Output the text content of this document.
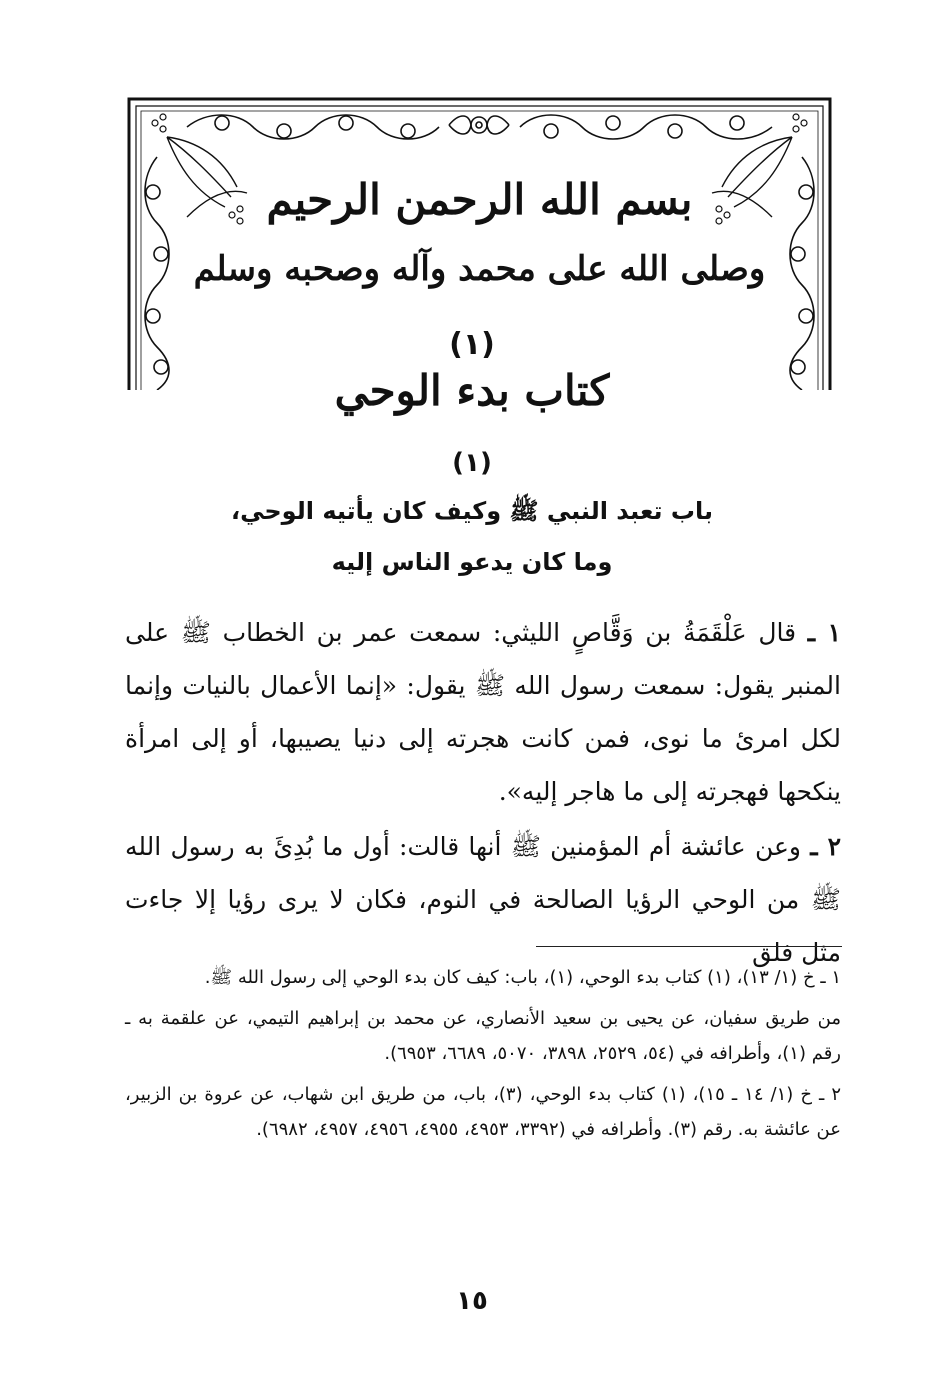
بسم الله الرحمن الرحيم
وصلى الله على محمد وآله وصحبه وسلم
(١)
كتاب بدء الوحي
(١)
باب تعبد النبي ﷺ وكيف كان يأتيه الوحي،
وما كان يدعو الناس إليه

١ ـ قال عَلْقَمَةُ بن وَقَّاصٍ الليثي: سمعت عمر بن الخطاب ﷺ على المنبر يقول: سمعت رسول الله ﷺ يقول: «إنما الأعمال بالنيات وإنما لكل امرئ ما نوى، فمن كانت هجرته إلى دنيا يصيبها، أو إلى امرأة ينكحها فهجرته إلى ما هاجر إليه».

٢ ـ وعن عائشة أم المؤمنين ﷺ أنها قالت: أول ما بُدِئَ به رسول الله ﷺ من الوحي الرؤيا الصالحة في النوم، فكان لا يرى رؤيا إلا جاءت مثل فلق

١ ـ خ (١/ ١٣)، (١) كتاب بدء الوحي، (١)، باب: كيف كان بدء الوحي إلى رسول الله ﷺ.
من طريق سفيان، عن يحيى بن سعيد الأنصاري، عن محمد بن إبراهيم التيمي، عن علقمة به ـ رقم (١)، وأطرافه في (٥٤، ٢٥٢٩، ٣٨٩٨، ٥٠٧٠، ٦٦٨٩، ٦٩٥٣).
٢ ـ خ (١/ ١٤ ـ ١٥)، (١) كتاب بدء الوحي، (٣)، باب، من طريق ابن شهاب، عن عروة بن الزبير، عن عائشة به. رقم (٣). وأطرافه في (٣٣٩٢، ٤٩٥٣، ٤٩٥٥، ٤٩٥٦، ٤٩٥٧، ٦٩٨٢).
١٥
